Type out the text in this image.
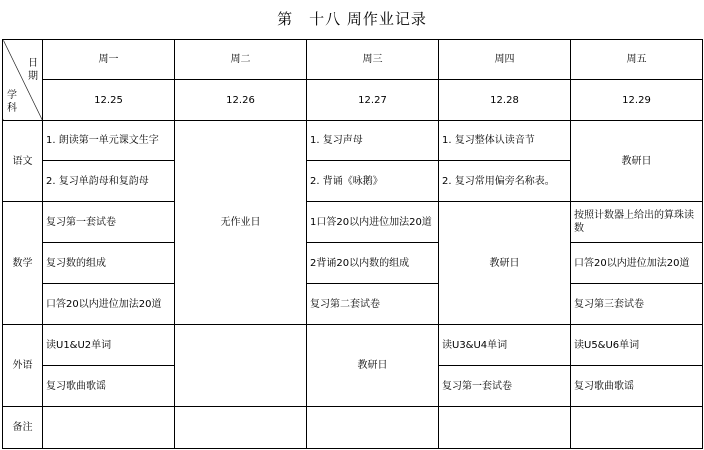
第　十八 周作业记录
日期
学科	周一	周二	周三	周四	周五
	12.25	12.26	12.27	12.28	12.29
语文	1. 朗读第一单元课文生字	无作业日	1. 复习声母	1. 复习整体认读音节	教研日
	2. 复习单韵母和复韵母		2. 背诵《咏鹅》	2. 复习常用偏旁名称表。	
数学	复习第一套试卷		1口答20以内进位加法20道	教研日	按照计数器上给出的算珠读数
	复习数的组成		2背诵20以内数的组成		口答20以内进位加法20道
	口答20以内进位加法20道		复习第二套试卷		复习第三套试卷
外语	读U1&U2单词		教研日	读U3&U4单词	读U5&U6单词
	复习歌曲歌谣			复习第一套试卷	复习歌曲歌谣
备注					
